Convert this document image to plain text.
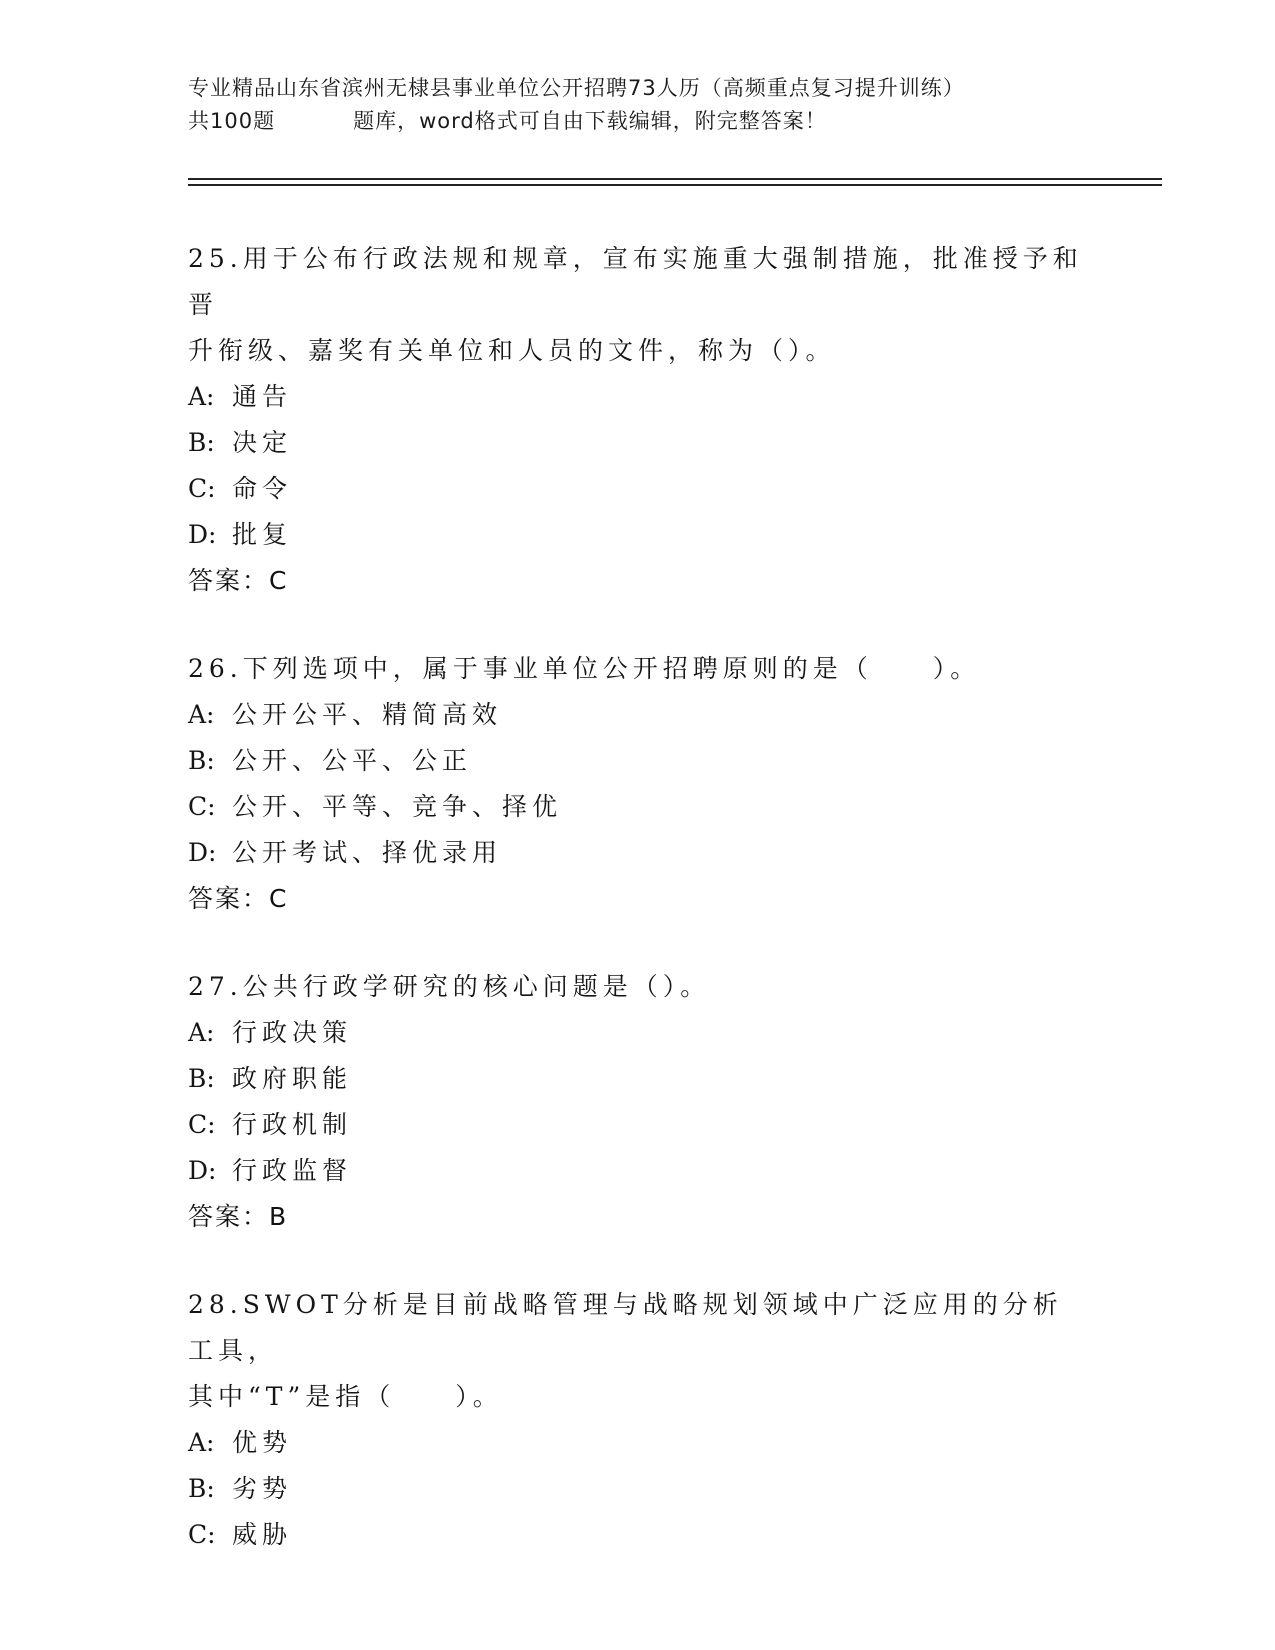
专业精品山东省滨州无棣县事业单位公开招聘73人历（高频重点复习提升训练）
共100题	题库，word格式可自由下载编辑，附完整答案！
25.用于公布行政法规和规章，宣布实施重大强制措施，批准授予和晋
升衔级、嘉奖有关单位和人员的文件，称为（）。
A: 通告
B: 决定
C: 命令
D: 批复
答案：C
26.下列选项中，属于事业单位公开招聘原则的是（　　）。
A: 公开公平、精简高效
B: 公开、公平、公正
C: 公开、平等、竞争、择优
D: 公开考试、择优录用
答案：C
27.公共行政学研究的核心问题是（）。
A: 行政决策
B: 政府职能
C: 行政机制
D: 行政监督
答案：B
28.SWOT分析是目前战略管理与战略规划领域中广泛应用的分析工具，
其中“T”是指（　　）。
A: 优势
B: 劣势
C: 威胁
